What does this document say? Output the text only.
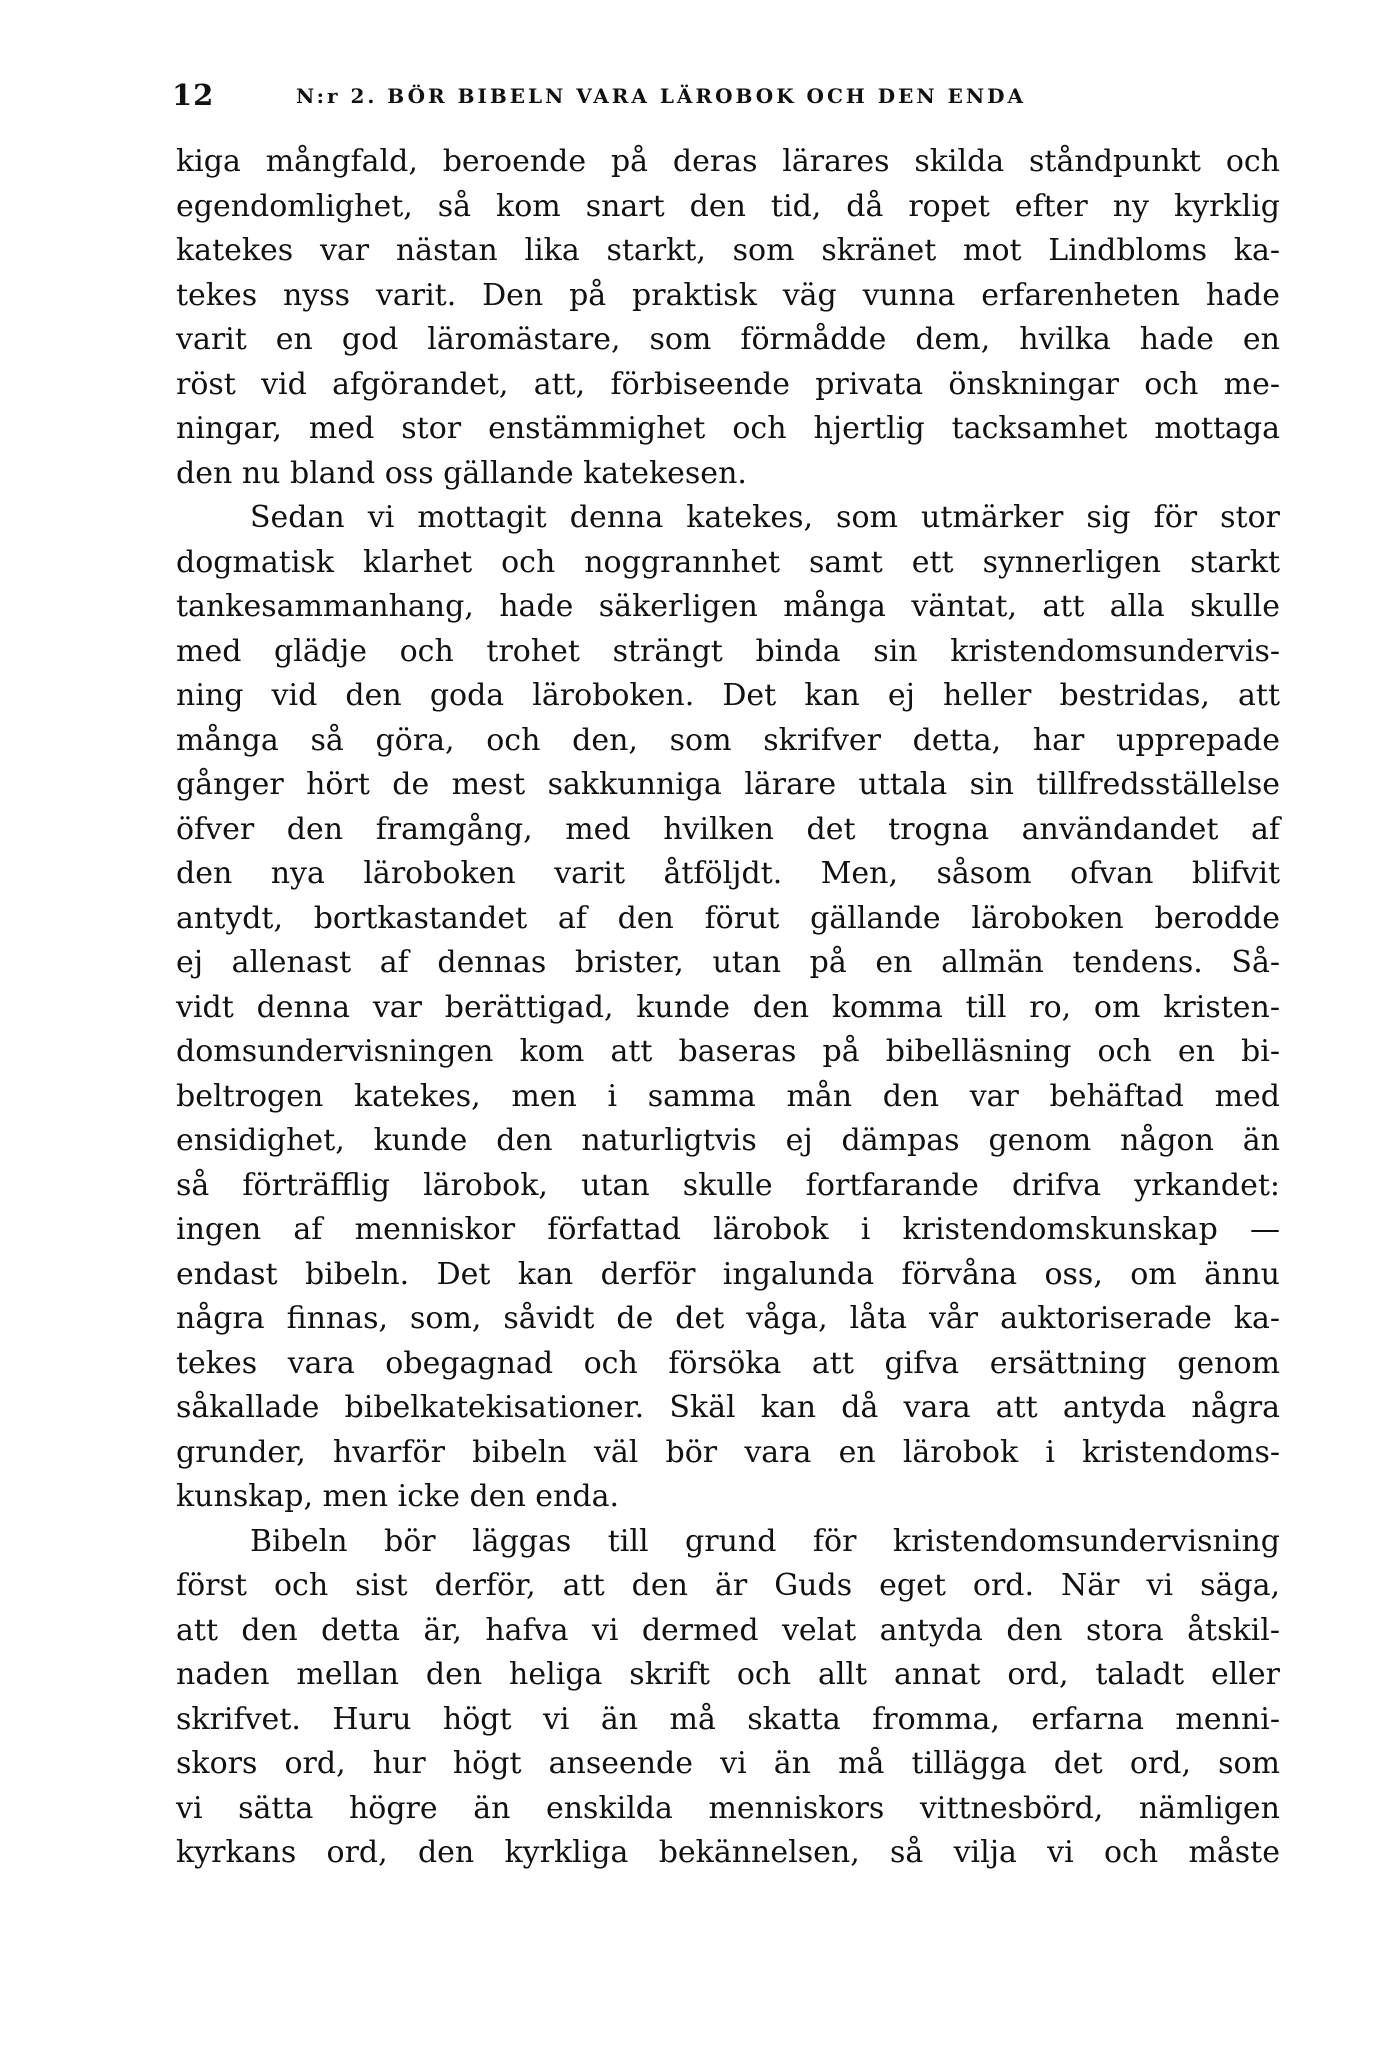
12	N:r 2. BÖR BIBELN VARA LÄROBOK OCH DEN ENDA
kiga mångfald, beroende på deras lärares skilda ståndpunkt och
egendomlighet, så kom snart den tid, då ropet efter ny kyrklig
katekes var nästan lika starkt, som skränet mot Lindbloms ka-
tekes nyss varit. Den på praktisk väg vunna erfarenheten hade
varit en god läromästare, som förmådde dem, hvilka hade en
röst vid afgörandet, att, förbiseende privata önskningar och me-
ningar, med stor enstämmighet och hjertlig tacksamhet mottaga
den nu bland oss gällande katekesen.
Sedan vi mottagit denna katekes, som utmärker sig för stor
dogmatisk klarhet och noggrannhet samt ett synnerligen starkt
tankesammanhang, hade säkerligen många väntat, att alla skulle
med glädje och trohet strängt binda sin kristendomsundervis-
ning vid den goda läroboken. Det kan ej heller bestridas, att
många så göra, och den, som skrifver detta, har upprepade
gånger hört de mest sakkunniga lärare uttala sin tillfredsställelse
öfver den framgång, med hvilken det trogna användandet af
den nya läroboken varit åtföljdt. Men, såsom ofvan blifvit
antydt, bortkastandet af den förut gällande läroboken berodde
ej allenast af dennas brister, utan på en allmän tendens. Så-
vidt denna var berättigad, kunde den komma till ro, om kristen-
domsundervisningen kom att baseras på bibelläsning och en bi-
beltrogen katekes, men i samma mån den var behäftad med
ensidighet, kunde den naturligtvis ej dämpas genom någon än
så förträfflig lärobok, utan skulle fortfarande drifva yrkandet:
ingen af menniskor författad lärobok i kristendomskunskap —
endast bibeln. Det kan derför ingalunda förvåna oss, om ännu
några finnas, som, såvidt de det våga, låta vår auktoriserade ka-
tekes vara obegagnad och försöka att gifva ersättning genom
såkallade bibelkatekisationer. Skäl kan då vara att antyda några
grunder, hvarför bibeln väl bör vara en lärobok i kristendoms-
kunskap, men icke den enda.
Bibeln bör läggas till grund för kristendomsundervisning
först och sist derför, att den är Guds eget ord. När vi säga,
att den detta är, hafva vi dermed velat antyda den stora åtskil-
naden mellan den heliga skrift och allt annat ord, taladt eller
skrifvet. Huru högt vi än må skatta fromma, erfarna menni-
skors ord, hur högt anseende vi än må tillägga det ord, som
vi sätta högre än enskilda menniskors vittnesbörd, nämligen
kyrkans ord, den kyrkliga bekännelsen, så vilja vi och måste
